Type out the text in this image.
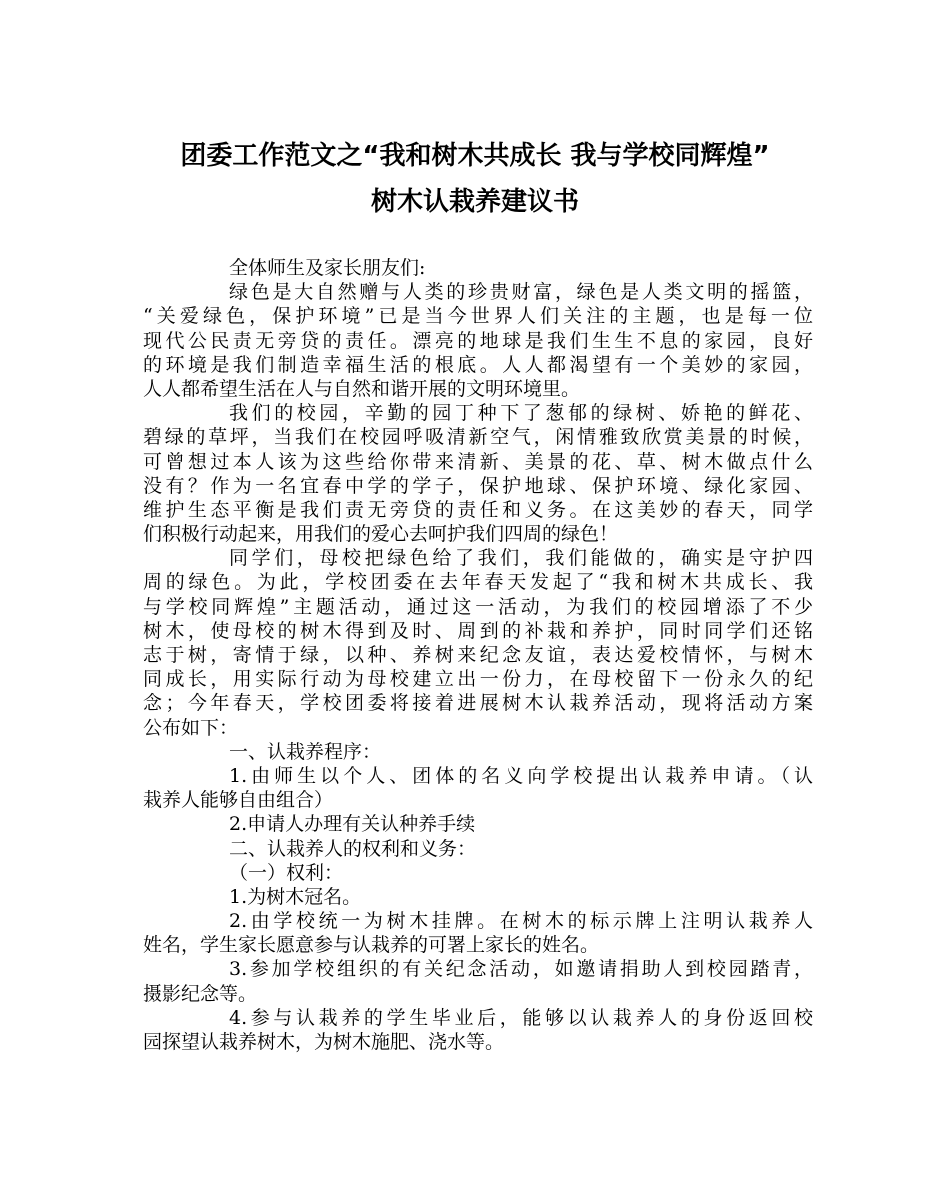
团委工作范文之“我和树木共成长 我与学校同辉煌”
树木认栽养建议书
全体师生及家长朋友们:
绿色是大自然赠与人类的珍贵财富，绿色是人类文明的摇篮，
“关爱绿色，保护环境”已是当今世界人们关注的主题，也是每一位
现代公民责无旁贷的责任。漂亮的地球是我们生生不息的家园，良好
的环境是我们制造幸福生活的根底。人人都渴望有一个美妙的家园，
人人都希望生活在人与自然和谐开展的文明环境里。
我们的校园，辛勤的园丁种下了葱郁的绿树、娇艳的鲜花、
碧绿的草坪，当我们在校园呼吸清新空气，闲情雅致欣赏美景的时候，
可曾想过本人该为这些给你带来清新、美景的花、草、树木做点什么
没有？作为一名宜春中学的学子，保护地球、保护环境、绿化家园、
维护生态平衡是我们责无旁贷的责任和义务。在这美妙的春天，同学
们积极行动起来，用我们的爱心去呵护我们四周的绿色！
同学们，母校把绿色给了我们，我们能做的，确实是守护四
周的绿色。为此，学校团委在去年春天发起了“我和树木共成长、我
与学校同辉煌”主题活动，通过这一活动，为我们的校园增添了不少
树木，使母校的树木得到及时、周到的补栽和养护，同时同学们还铭
志于树，寄情于绿，以种、养树来纪念友谊，表达爱校情怀，与树木
同成长，用实际行动为母校建立出一份力，在母校留下一份永久的纪
念；今年春天，学校团委将接着进展树木认栽养活动，现将活动方案
公布如下：
一、认栽养程序：
1.由师生以个人、团体的名义向学校提出认栽养申请。（认
栽养人能够自由组合）
2.申请人办理有关认种养手续
二、认栽养人的权利和义务：
（一）权利：
1.为树木冠名。
2.由学校统一为树木挂牌。在树木的标示牌上注明认栽养人
姓名，学生家长愿意参与认栽养的可署上家长的姓名。
3.参加学校组织的有关纪念活动，如邀请捐助人到校园踏青，
摄影纪念等。
4.参与认栽养的学生毕业后，能够以认栽养人的身份返回校
园探望认栽养树木，为树木施肥、浇水等。
